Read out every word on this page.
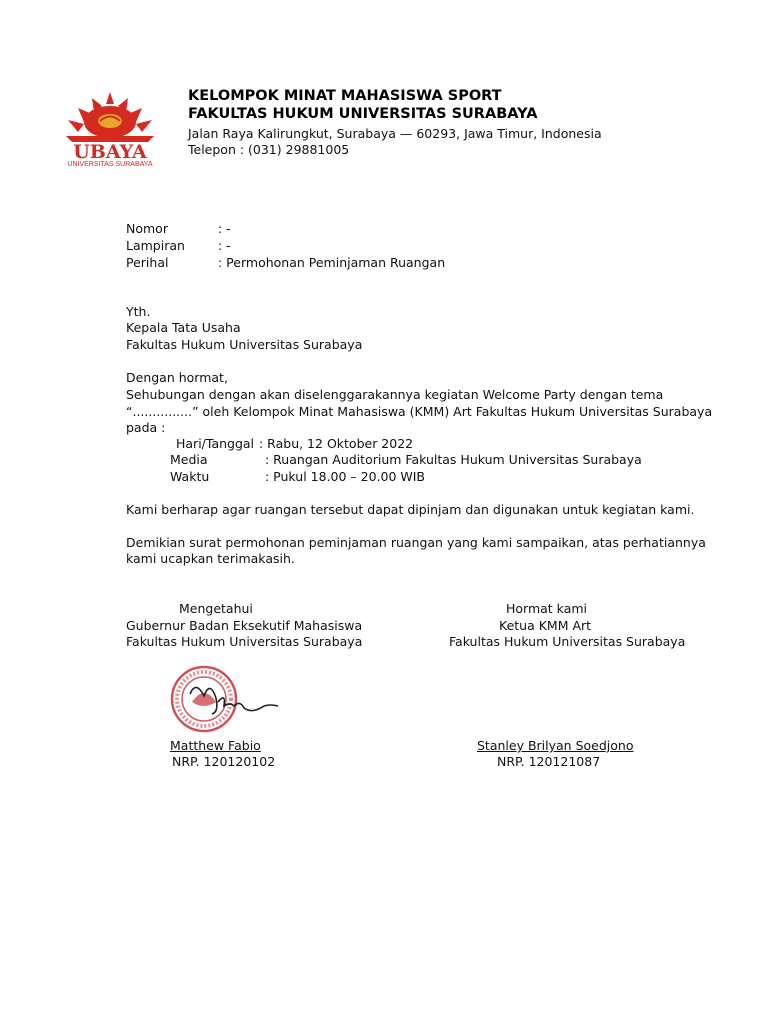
UBAYA
UNIVERSITAS SURABAYA
KELOMPOK MINAT MAHASISWA SPORT
FAKULTAS HUKUM UNIVERSITAS SURABAYA
Jalan Raya Kalirungkut, Surabaya — 60293, Jawa Timur, Indonesia
Telepon : (031) 29881005
Nomor	: -
Lampiran	: -
Perihal	: Permohonan Peminjaman Ruangan
Yth.
Kepala Tata Usaha
Fakultas Hukum Universitas Surabaya
Dengan hormat,
Sehubungan dengan akan diselenggarakannya kegiatan Welcome Party dengan tema
“...............” oleh Kelompok Minat Mahasiswa (KMM) Art Fakultas Hukum Universitas Surabaya
pada :
Hari/Tanggal : Rabu, 12 Oktober 2022
Media	: Ruangan Auditorium Fakultas Hukum Universitas Surabaya
Waktu	: Pukul 18.00 – 20.00 WIB
Kami berharap agar ruangan tersebut dapat dipinjam dan digunakan untuk kegiatan kami.
Demikian surat permohonan peminjaman ruangan yang kami sampaikan, atas perhatiannya
kami ucapkan terimakasih.
Mengetahui
Gubernur Badan Eksekutif Mahasiswa
Fakultas Hukum Universitas Surabaya
Matthew Fabio
NRP. 120120102
Hormat kami
Ketua KMM Art
Fakultas Hukum Universitas Surabaya
Stanley Brilyan Soedjono
NRP. 120121087
